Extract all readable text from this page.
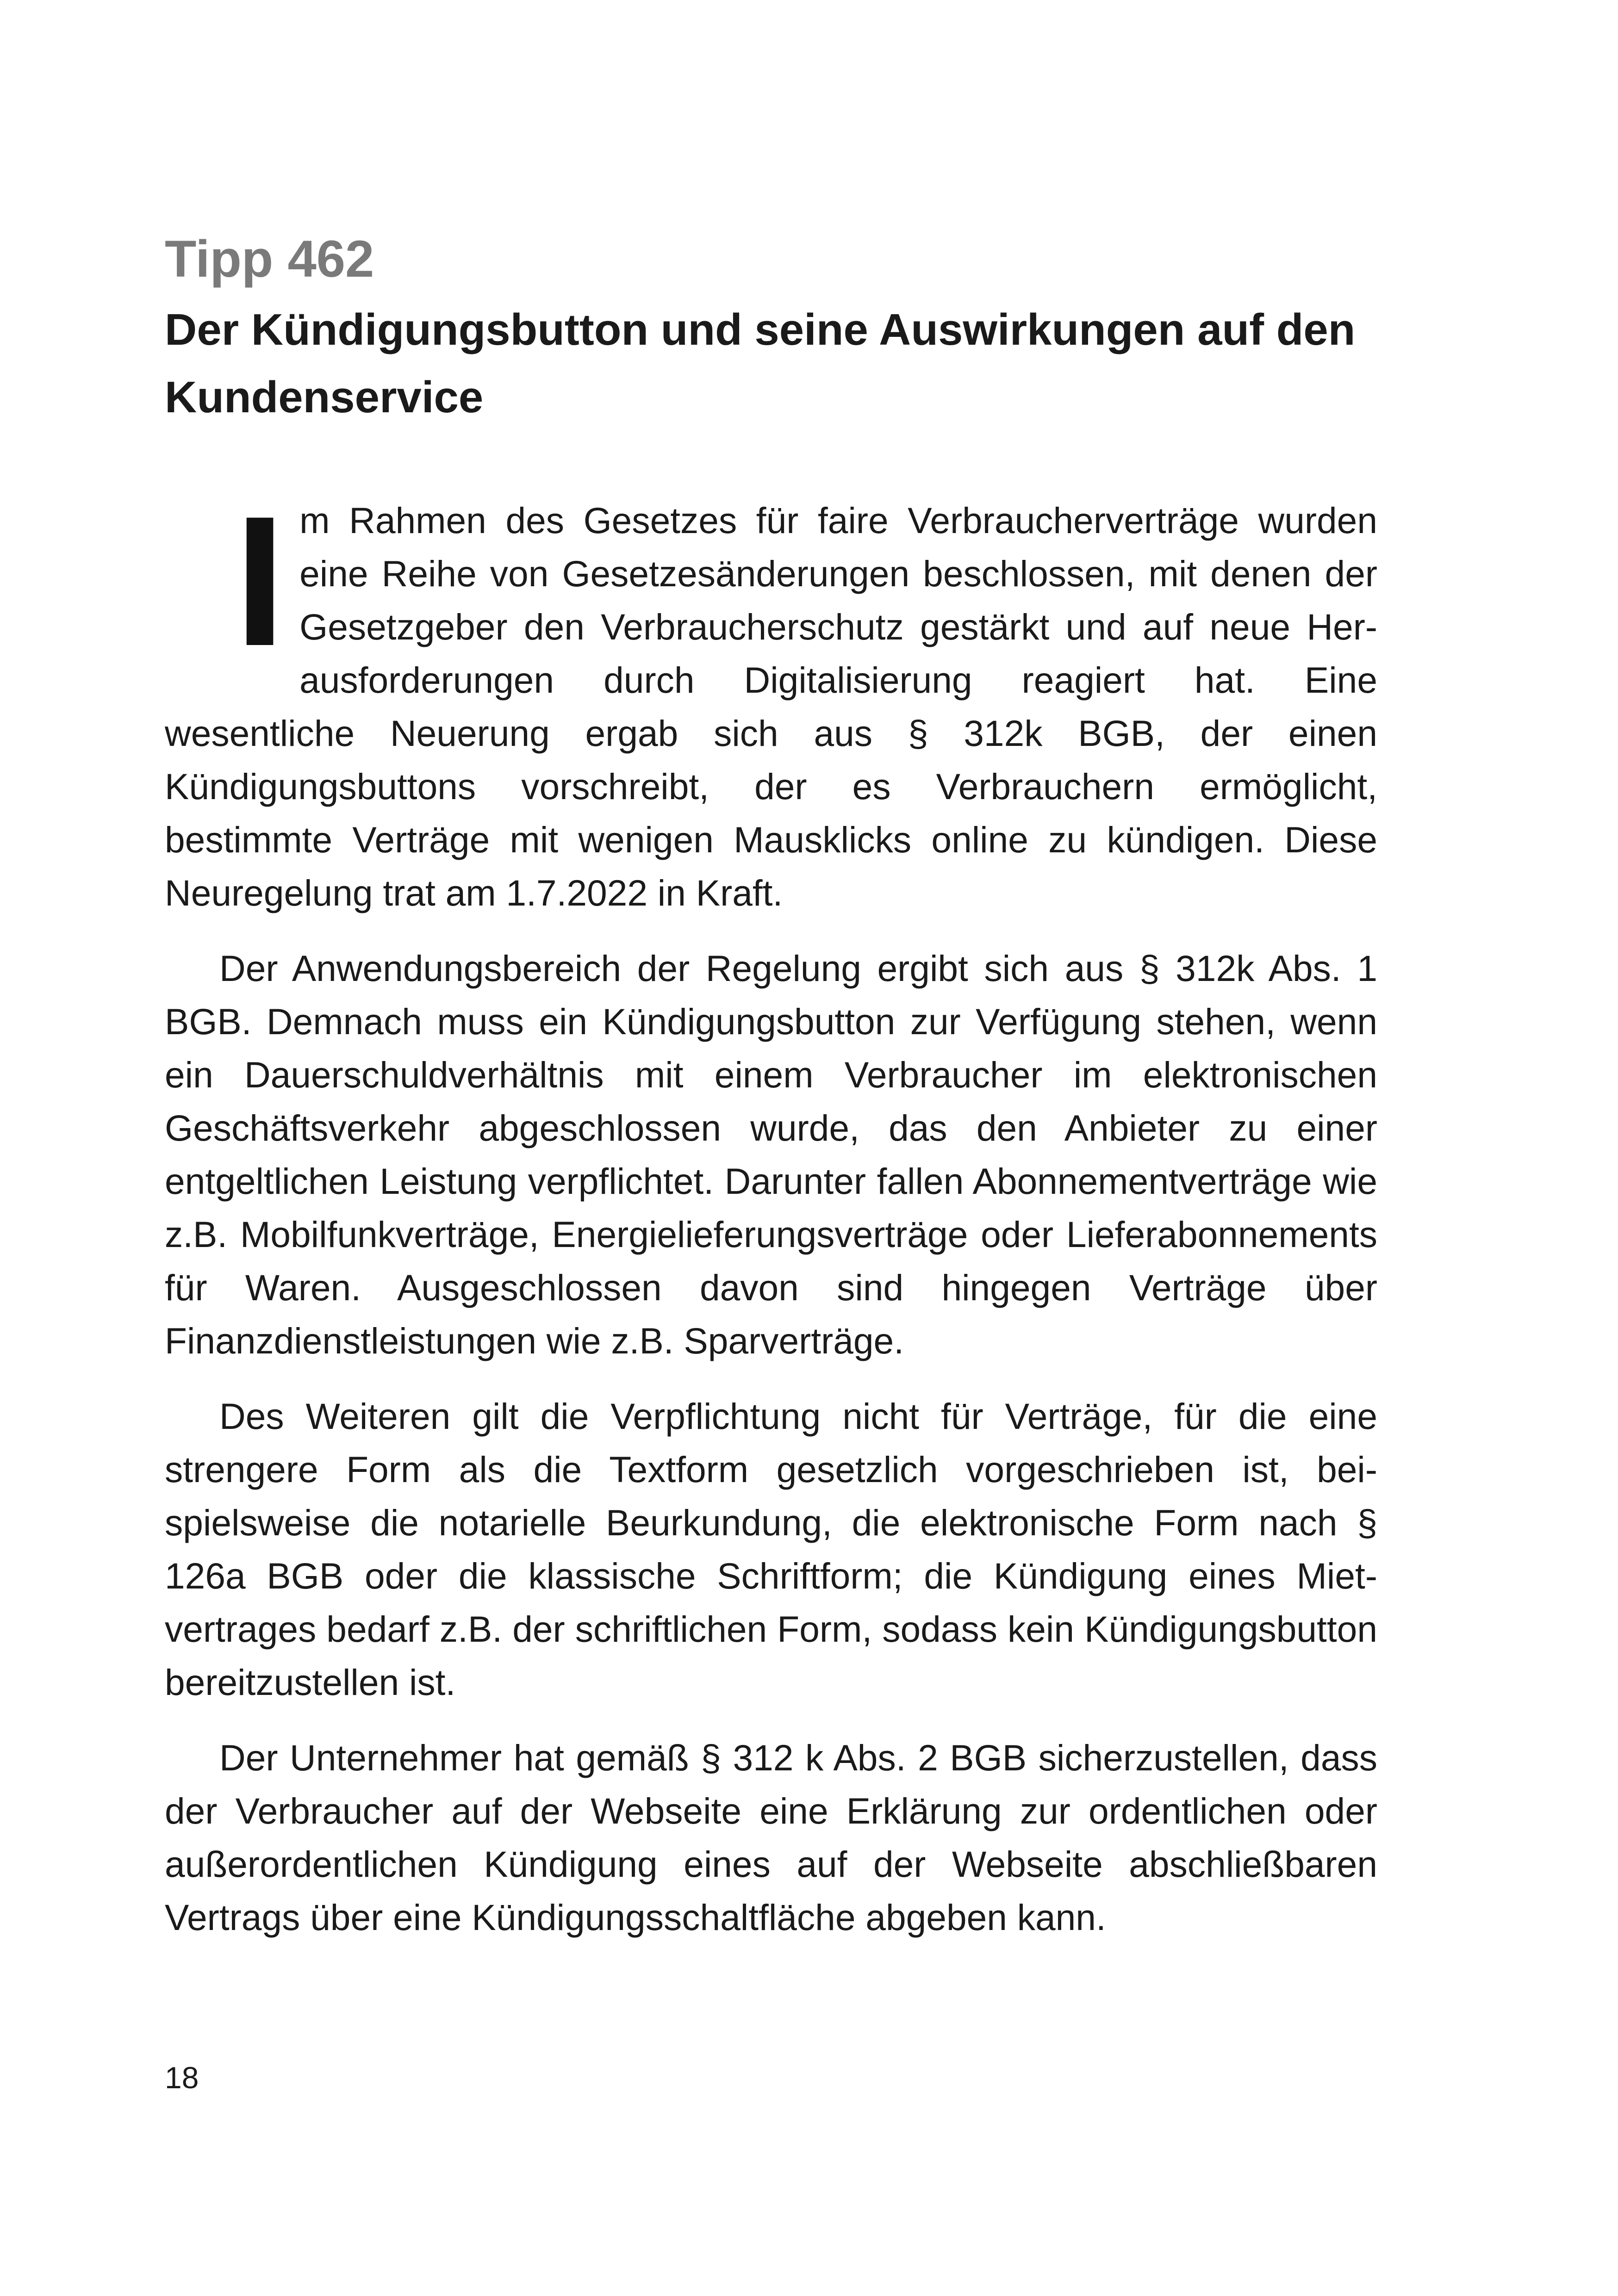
Tipp 462
Der Kündigungsbutton und seine Auswirkungen auf den Kundenservice

Im Rahmen des Gesetzes für faire Verbraucherverträge wurden eine Reihe von Gesetzesänderungen beschlossen, mit denen der Gesetzgeber den Verbraucherschutz gestärkt und auf neue Herausforderungen durch Digitalisierung reagiert hat. Eine wesentliche Neuerung ergab sich aus § 312k BGB, der einen Kündigungsbuttons vorschreibt, der es Verbrauchern ermöglicht, bestimmte Verträge mit wenigen Mausklicks online zu kündigen. Diese Neuregelung trat am 1.7.2022 in Kraft.

Der Anwendungsbereich der Regelung ergibt sich aus § 312k Abs. 1 BGB. Demnach muss ein Kündigungsbutton zur Verfügung stehen, wenn ein Dauerschuldverhältnis mit einem Verbraucher im elektronischen Geschäftsverkehr abgeschlossen wurde, das den Anbieter zu einer entgeltlichen Leistung verpflichtet. Darunter fallen Abonnementverträge wie z.B. Mobilfunkverträge, Energielieferungsverträge oder Lieferabonnements für Waren. Ausgeschlossen davon sind hingegen Verträge über Finanzdienstleistungen wie z.B. Sparverträge.

Des Weiteren gilt die Verpflichtung nicht für Verträge, für die eine strengere Form als die Textform gesetzlich vorgeschrieben ist, beispielsweise die notarielle Beurkundung, die elektronische Form nach § 126a BGB oder die klassische Schriftform; die Kündigung eines Mietvertrages bedarf z.B. der schriftlichen Form, sodass kein Kündigungsbutton bereitzustellen ist.

Der Unternehmer hat gemäß § 312 k Abs. 2 BGB sicherzustellen, dass der Verbraucher auf der Webseite eine Erklärung zur ordentlichen oder außerordentlichen Kündigung eines auf der Webseite abschließbaren Vertrags über eine Kündigungsschaltfläche abgeben kann.

18
